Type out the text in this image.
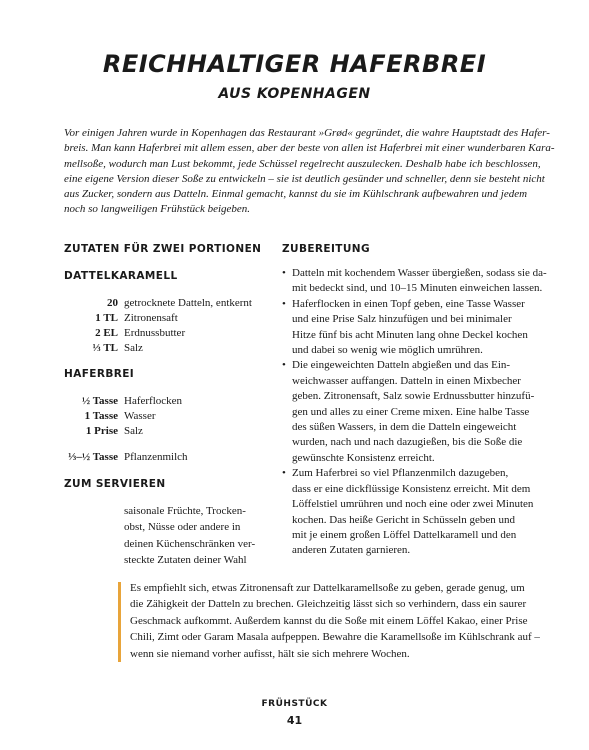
REICHHALTIGER HAFERBREI
AUS KOPENHAGEN

Vor einigen Jahren wurde in Kopenhagen das Restaurant »Grød« gegründet, die wahre Hauptstadt des Hafer-
breis. Man kann Haferbrei mit allem essen, aber der beste von allen ist Haferbrei mit einer wunderbaren Kara-
mellsoße, wodurch man Lust bekommt, jede Schüssel regelrecht auszulecken. Deshalb habe ich beschlossen,
eine eigene Version dieser Soße zu entwickeln – sie ist deutlich gesünder und schneller, denn sie besteht nicht
aus Zucker, sondern aus Datteln. Einmal gemacht, kannst du sie im Kühlschrank aufbewahren und jedem
noch so langweiligen Frühstück beigeben.

ZUTATEN FÜR ZWEI PORTIONEN ZUBEREITUNG
DATTELKARAMELL
20 getrocknete Datteln, entkernt
1 TL Zitronensaft
2 EL Erdnussbutter
⅓ TL Salz
HAFERBREI
½ Tasse Haferflocken
1 Tasse Wasser
1 Prise Salz
⅓–½ Tasse Pflanzenmilch
ZUM SERVIEREN

saisonale Früchte, Trocken-
obst, Nüsse oder andere in
deinen Küchenschränken ver-
steckte Zutaten deiner Wahl

• Datteln mit kochendem Wasser übergießen, sodass sie da-
mit bedeckt sind, und 10–15 Minuten einweichen lassen.
• Haferflocken in einen Topf geben, eine Tasse Wasser
und eine Prise Salz hinzufügen und bei minimaler
Hitze fünf bis acht Minuten lang ohne Deckel kochen
und dabei so wenig wie möglich umrühren.
• Die eingeweichten Datteln abgießen und das Ein-
weichwasser auffangen. Datteln in einen Mixbecher
geben. Zitronensaft, Salz sowie Erdnussbutter hinzufü-
gen und alles zu einer Creme mixen. Eine halbe Tasse
des süßen Wassers, in dem die Datteln eingeweicht
wurden, nach und nach dazugießen, bis die Soße die
gewünschte Konsistenz erreicht.
• Zum Haferbrei so viel Pflanzenmilch dazugeben,
dass er eine dickflüssige Konsistenz erreicht. Mit dem
Löffelstiel umrühren und noch eine oder zwei Minuten
kochen. Das heiße Gericht in Schüsseln geben und
mit je einem großen Löffel Dattelkaramell und den
anderen Zutaten garnieren.

Es empfiehlt sich, etwas Zitronensaft zur Dattelkaramellsoße zu geben, gerade genug, um
die Zähigkeit der Datteln zu brechen. Gleichzeitig lässt sich so verhindern, dass ein saurer
Geschmack aufkommt. Außerdem kannst du die Soße mit einem Löffel Kakao, einer Prise
Chili, Zimt oder Garam Masala aufpeppen. Bewahre die Karamellsoße im Kühlschrank auf –
wenn sie niemand vorher aufisst, hält sie sich mehrere Wochen.

FRÜHSTÜCK
41
